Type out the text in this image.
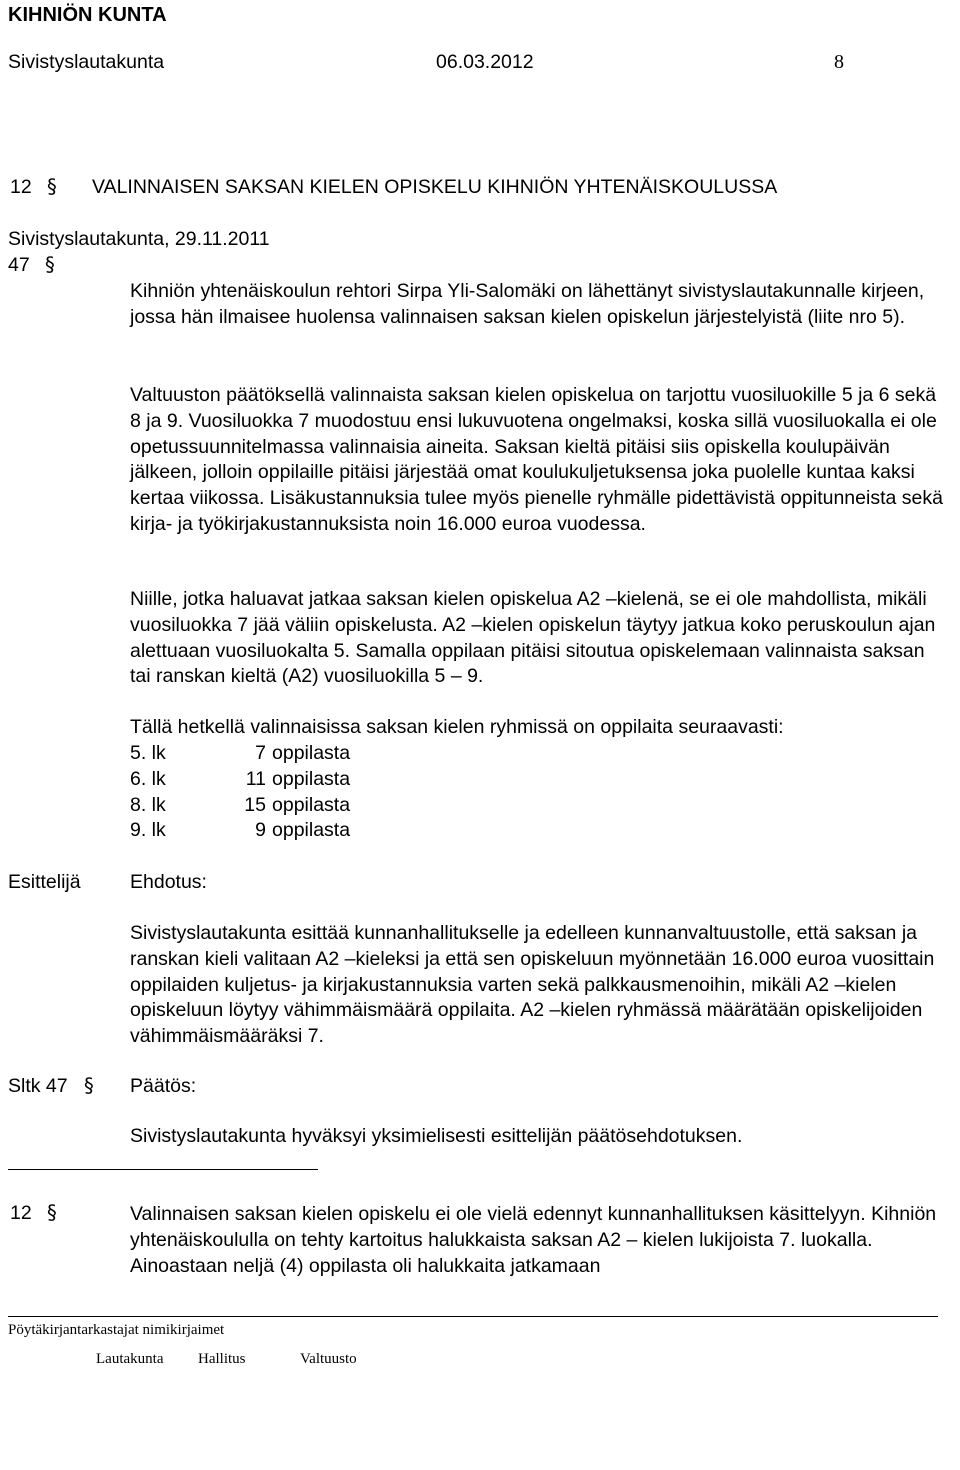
KIHNIÖN KUNTA
Sivistyslautakunta	06.03.2012	8
12 § VALINNAISEN SAKSAN KIELEN OPISKELU KIHNIÖN YHTENÄISKOULUSSA
Sivistyslautakunta, 29.11.2011
47 §

Kihniön yhtenäiskoulun rehtori Sirpa Yli-Salomäki on lähettänyt sivistyslautakunnalle kirjeen, jossa hän ilmaisee huolensa valinnaisen saksan kielen opiskelun järjestelyistä (liite nro 5).

Valtuuston päätöksellä valinnaista saksan kielen opiskelua on tarjottu vuosiluokille 5 ja 6 sekä 8 ja 9. Vuosiluokka 7 muodostuu ensi lukuvuotena ongelmaksi, koska sillä vuosiluokalla ei ole opetussuunnitelmassa valinnaisia aineita. Saksan kieltä pitäisi siis opiskella koulupäivän jälkeen, jolloin oppilaille pitäisi järjestää omat koulukuljetuksensa joka puolelle kuntaa kaksi kertaa viikossa. Lisäkustannuksia tulee myös pienelle ryhmälle pidettävistä oppitunneista sekä kirja- ja työkirjakustannuksista noin 16.000 euroa vuodessa.

Niille, jotka haluavat jatkaa saksan kielen opiskelua A2 –kielenä, se ei ole mahdollista, mikäli vuosiluokka 7 jää väliin opiskelusta. A2 –kielen opiskelun täytyy jatkua koko peruskoulun ajan alettuaan vuosiluokalta 5. Samalla oppilaan pitäisi sitoutua opiskelemaan valinnaista saksan tai ranskan kieltä (A2) vuosiluokilla 5 – 9.

Tällä hetkellä valinnaisissa saksan kielen ryhmissä on oppilaita seuraavasti:

5. lk	7 oppilasta
6. lk	11 oppilasta
8. lk	15 oppilasta
9. lk	9 oppilasta
Esittelijä	Ehdotus:

Sivistyslautakunta esittää kunnanhallitukselle ja edelleen kunnanvaltuustolle, että saksan ja ranskan kieli valitaan A2 –kieleksi ja että sen opiskeluun myönnetään 16.000 euroa vuosittain oppilaiden kuljetus- ja kirjakustannuksia varten sekä palkkausmenoihin, mikäli A2 –kielen opiskeluun löytyy vähimmäismäärä oppilaita. A2 –kielen ryhmässä määrätään opiskelijoiden vähimmäismääräksi 7.

Sltk 47 § Päätös:
Sivistyslautakunta hyväksyi yksimielisesti esittelijän päätösehdotuksen.
12 §	Valinnaisen saksan kielen opiskelu ei ole vielä edennyt kunnanhallituksen käsittelyyn. Kihniön yhtenäiskoululla on tehty kartoitus halukkaista saksan A2 – kielen lukijoista 7. luokalla. Ainoastaan neljä (4) oppilasta oli halukkaita jatkamaan

Pöytäkirjantarkastajat nimikirjaimet
Lautakunta Hallitus	Valtuusto
